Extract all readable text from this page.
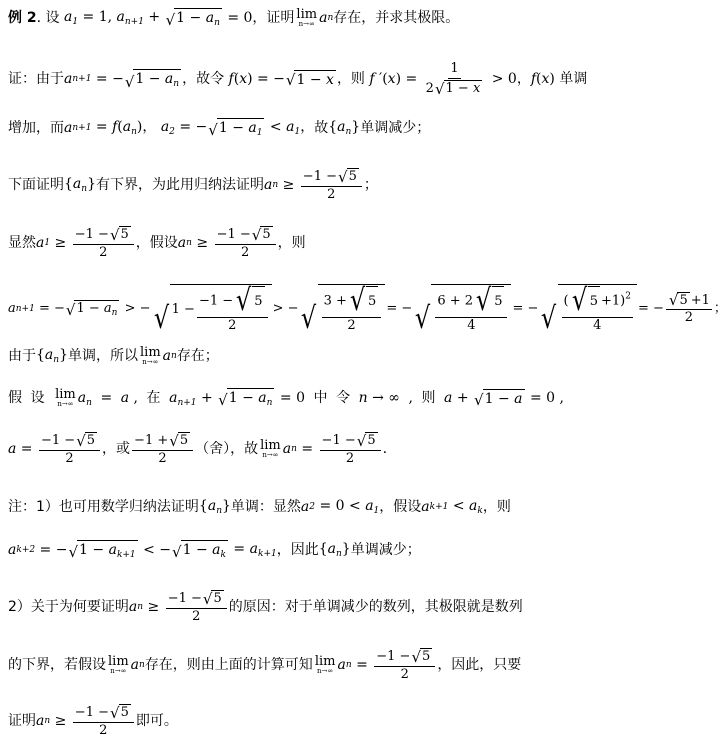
例 2 . 设 $a_1 = 1$, $a_{n+1}$ + √ $1 - a_n = 0$ ，证明 lim
n→∞ a n 存在，并求其极限。
证：由于 a n+1 = − √ $1 - a_n$ ，故令 f(x) = − √ 1 − x ，则 f $'(x) = \frac{1}{2 √ 1 - x} > 0$，f(x) 单调
增加，而 a $n+1 = f(a_n)$， $a_2$ = − √ $1 - a_1 < a_1$， 故 $\{a_n\}$ 单调减少；
下面证明 $\{a_n\}$ 有下界，为此用归纳法证明 a $n \ge \frac{-1 - √ 5}{2}$ ；
显然 a $1 \ge \frac{-1 - √ 5}{2}$ ，假设 a $n \ge \frac{-1 - √ 5}{2}$ ，则
a n+1 = − √ $1 - a_n$ > − √ $1 - \frac{-1 - √ 5}{2}$ > − √ $\frac{3 + √ 5}{2}$ = − √ $\frac{6 + 2 √ 5}{4}$ = − √ $\frac{( √ 5 +1)^2}{4}$ = − $\frac{√ 5 +1}{2}$ ；
由于 $\{a_n\}$ 单调，所以 lim
n→∞ a n 存在；
假 设 lim
n→∞ $a_n = a$ , 在 $a_{n+1}$ + √ $1 - a_n = 0$ 中 令 n → ∞ , 则 a + √ 1 − a = 0 ,
$a = \frac{-1 - √ 5}{2}$ ，或 $\frac{-1 + √ 5}{2}$ （舍），故 lim
n→∞ a $n = \frac{-1 - √ 5}{2}$ .
注：1）也可用数学归纳法证明 $\{a_n\}$ 单调：显然 a $2 = 0 < a_1$ ，假设 a $k+1 < a_k$ ，则
a k+2 = − √ $1 - a_{k+1}$ < − √ $1 - a_k = a_{k+1}$ ，因此 $\{a_n\}$ 单调减少；
2）关于为何要证明 a $n \ge \frac{-1 - √ 5}{2}$ 的原因：对于单调减少的数列，其极限就是数列
的下界，若假设 lim
n→∞ a n 存在，则由上面的计算可知 lim
n→∞ a $n = \frac{-1 - √ 5}{2}$ ，因此，只要
证明 a $n \ge \frac{-1 - √ 5}{2}$ 即可。
